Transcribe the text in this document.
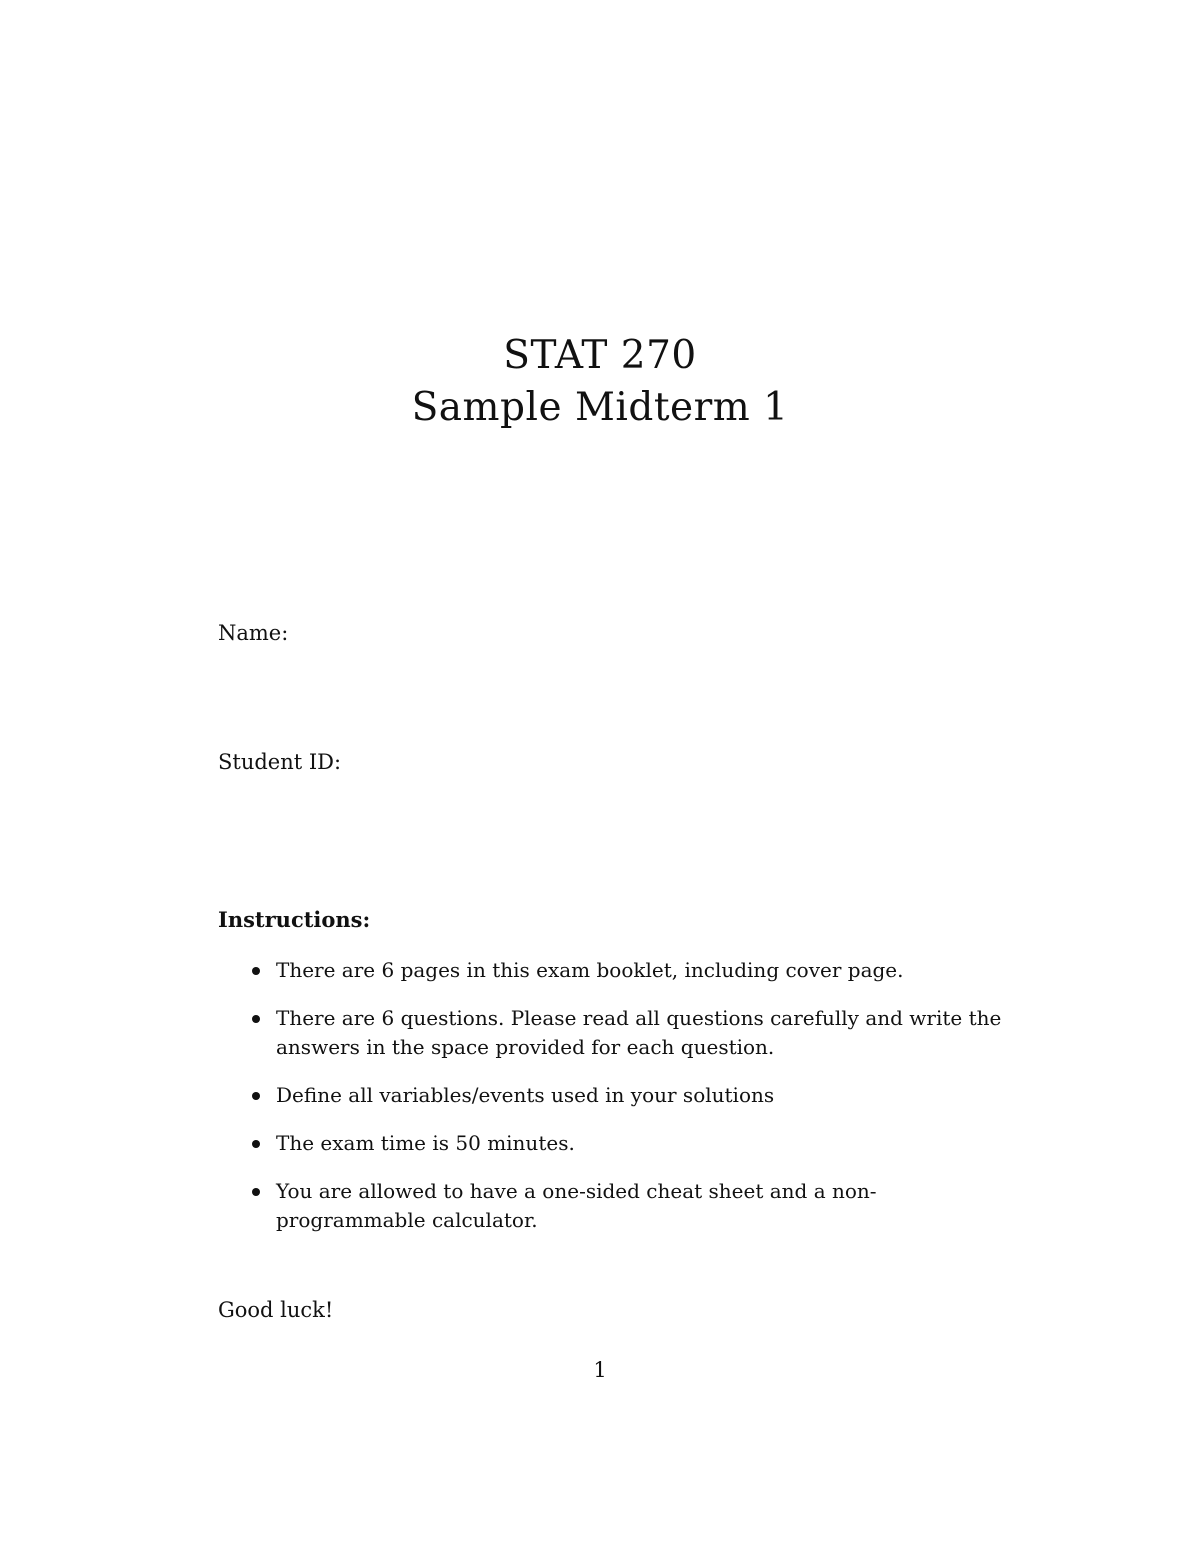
STAT 270
Sample Midterm 1
Name:
Student ID:
Instructions:
There are 6 pages in this exam booklet, including cover page.
There are 6 questions. Please read all questions carefully and write the answers in the space provided for each question.
Define all variables/events used in your solutions
The exam time is 50 minutes.
You are allowed to have a one-sided cheat sheet and a non-programmable calculator.
Good luck!
1
